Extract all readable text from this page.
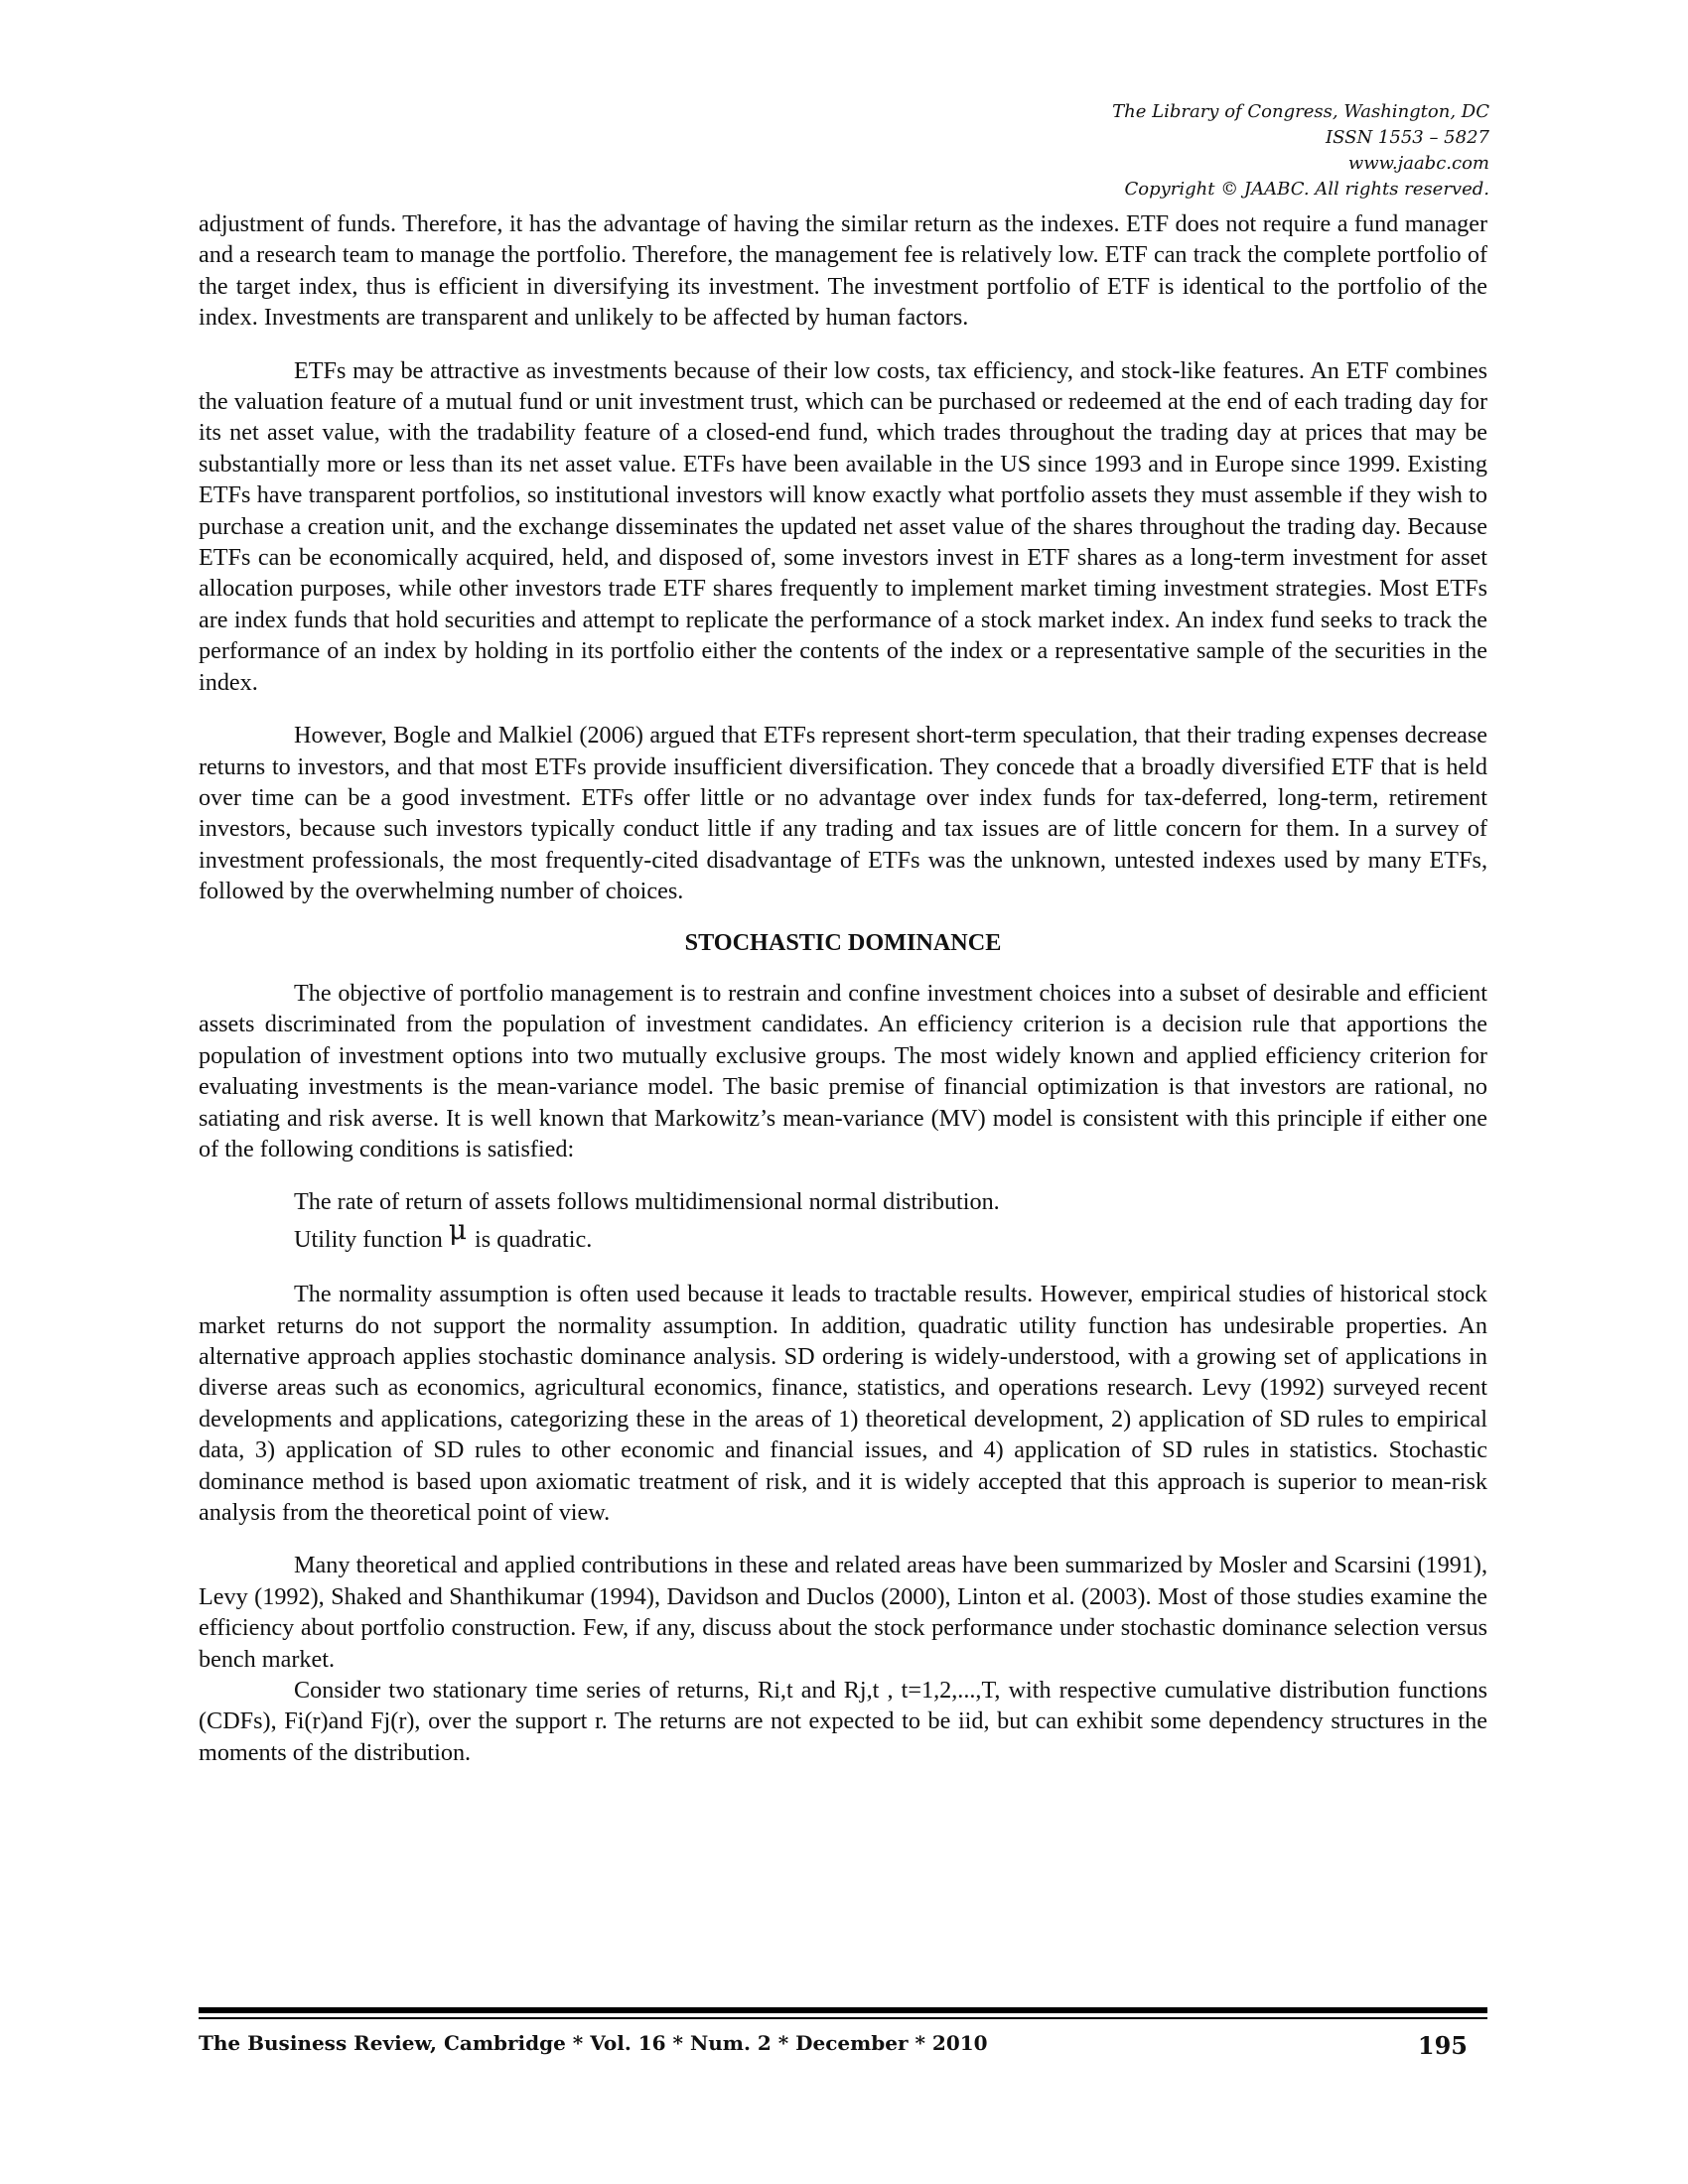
The Library of Congress, Washington, DC
ISSN 1553 – 5827
www.jaabc.com
Copyright © JAABC. All rights reserved.

adjustment of funds. Therefore, it has the advantage of having the similar return as the indexes. ETF does not require a fund manager and a research team to manage the portfolio. Therefore, the management fee is relatively low. ETF can track the complete portfolio of the target index, thus is efficient in diversifying its investment. The investment portfolio of ETF is identical to the portfolio of the index. Investments are transparent and unlikely to be affected by human factors.

ETFs may be attractive as investments because of their low costs, tax efficiency, and stock-like features. An ETF combines the valuation feature of a mutual fund or unit investment trust, which can be purchased or redeemed at the end of each trading day for its net asset value, with the tradability feature of a closed-end fund, which trades throughout the trading day at prices that may be substantially more or less than its net asset value. ETFs have been available in the US since 1993 and in Europe since 1999. Existing ETFs have transparent portfolios, so institutional investors will know exactly what portfolio assets they must assemble if they wish to purchase a creation unit, and the exchange disseminates the updated net asset value of the shares throughout the trading day. Because ETFs can be economically acquired, held, and disposed of, some investors invest in ETF shares as a long-term investment for asset allocation purposes, while other investors trade ETF shares frequently to implement market timing investment strategies. Most ETFs are index funds that hold securities and attempt to replicate the performance of a stock market index. An index fund seeks to track the performance of an index by holding in its portfolio either the contents of the index or a representative sample of the securities in the index.

However, Bogle and Malkiel (2006) argued that ETFs represent short-term speculation, that their trading expenses decrease returns to investors, and that most ETFs provide insufficient diversification. They concede that a broadly diversified ETF that is held over time can be a good investment. ETFs offer little or no advantage over index funds for tax-deferred, long-term, retirement investors, because such investors typically conduct little if any trading and tax issues are of little concern for them. In a survey of investment professionals, the most frequently-cited disadvantage of ETFs was the unknown, untested indexes used by many ETFs, followed by the overwhelming number of choices.

STOCHASTIC DOMINANCE

The objective of portfolio management is to restrain and confine investment choices into a subset of desirable and efficient assets discriminated from the population of investment candidates. An efficiency criterion is a decision rule that apportions the population of investment options into two mutually exclusive groups. The most widely known and applied efficiency criterion for evaluating investments is the mean-variance model. The basic premise of financial optimization is that investors are rational, no satiating and risk averse. It is well known that Markowitz’s mean-variance (MV) model is consistent with this principle if either one of the following conditions is satisfied:

The rate of return of assets follows multidimensional normal distribution.
Utility function μ is quadratic.

The normality assumption is often used because it leads to tractable results. However, empirical studies of historical stock market returns do not support the normality assumption. In addition, quadratic utility function has undesirable properties. An alternative approach applies stochastic dominance analysis. SD ordering is widely-understood, with a growing set of applications in diverse areas such as economics, agricultural economics, finance, statistics, and operations research. Levy (1992) surveyed recent developments and applications, categorizing these in the areas of 1) theoretical development, 2) application of SD rules to empirical data, 3) application of SD rules to other economic and financial issues, and 4) application of SD rules in statistics. Stochastic dominance method is based upon axiomatic treatment of risk, and it is widely accepted that this approach is superior to mean-risk analysis from the theoretical point of view.

Many theoretical and applied contributions in these and related areas have been summarized by Mosler and Scarsini (1991), Levy (1992), Shaked and Shanthikumar (1994), Davidson and Duclos (2000), Linton et al. (2003). Most of those studies examine the efficiency about portfolio construction. Few, if any, discuss about the stock performance under stochastic dominance selection versus bench market.

Consider two stationary time series of returns, Ri,t and Rj,t , t=1,2,...,T, with respective cumulative distribution functions (CDFs), Fi(r)and Fj(r), over the support r. The returns are not expected to be iid, but can exhibit some dependency structures in the moments of the distribution.

The Business Review, Cambridge * Vol. 16 * Num. 2 * December * 2010	195
